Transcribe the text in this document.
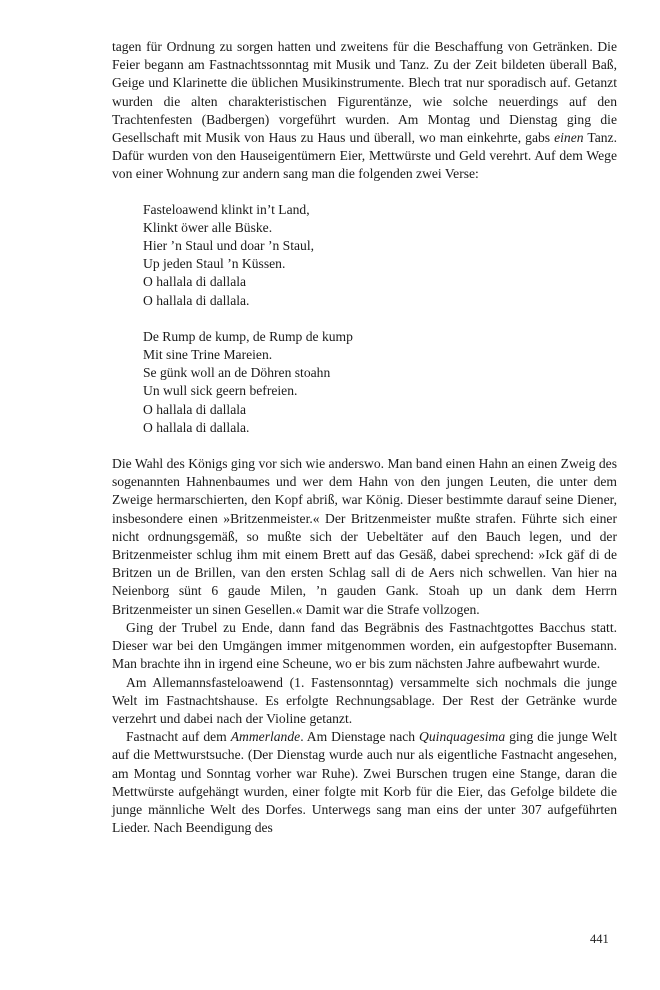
tagen für Ordnung zu sorgen hatten und zweitens für die Beschaffung von Getränken. Die Feier begann am Fastnachtssonntag mit Musik und Tanz. Zu der Zeit bildeten überall Baß, Geige und Klarinette die üblichen Musikinstrumente. Blech trat nur sporadisch auf. Getanzt wurden die alten charakteristischen Figurentänze, wie solche neuerdings auf den Trachtenfesten (Badbergen) vorgeführt wurden. Am Montag und Dienstag ging die Gesellschaft mit Musik von Haus zu Haus und überall, wo man einkehrte, gabs einen Tanz. Dafür wurden von den Hauseigentümern Eier, Mettwürste und Geld verehrt. Auf dem Wege von einer Wohnung zur andern sang man die folgenden zwei Verse:

Fasteloawend klinkt in’t Land,
Klinkt öwer alle Büske.
Hier ’n Staul und doar ’n Staul,
Up jeden Staul ’n Küssen.
O hallala di dallala
O hallala di dallala.
De Rump de kump, de Rump de kump
Mit sine Trine Mareien.
Se günk woll an de Döhren stoahn
Un wull sick geern befreien.
O hallala di dallala
O hallala di dallala.

Die Wahl des Königs ging vor sich wie anderswo. Man band einen Hahn an einen Zweig des sogenannten Hahnenbaumes und wer dem Hahn von den jungen Leuten, die unter dem Zweige hermarschierten, den Kopf abriß, war König. Dieser bestimmte darauf seine Diener, insbesondere einen »Britzenmeister.« Der Britzenmeister mußte strafen. Führte sich einer nicht ordnungsgemäß, so mußte sich der Uebeltäter auf den Bauch legen, und der Britzenmeister schlug ihm mit einem Brett auf das Gesäß, dabei sprechend: »Ick gäf di de Britzen un de Brillen, van den ersten Schlag sall di de Aers nich schwellen. Van hier na Neienborg sünt 6 gaude Milen, ’n gauden Gank. Stoah up un dank dem Herrn Britzenmeister un sinen Gesellen.« Damit war die Strafe vollzogen.

Ging der Trubel zu Ende, dann fand das Begräbnis des Fastnachtgottes Bacchus statt. Dieser war bei den Umgängen immer mitgenommen worden, ein aufgestopfter Busemann. Man brachte ihn in irgend eine Scheune, wo er bis zum nächsten Jahre aufbewahrt wurde.

Am Allemannsfasteloawend (1. Fastensonntag) versammelte sich nochmals die junge Welt im Fastnachtshause. Es erfolgte Rechnungsablage. Der Rest der Getränke wurde verzehrt und dabei nach der Violine getanzt.

Fastnacht auf dem Ammerlande. Am Dienstage nach Quinquagesima ging die junge Welt auf die Mettwurstsuche. (Der Dienstag wurde auch nur als eigentliche Fastnacht angesehen, am Montag und Sonntag vorher war Ruhe). Zwei Burschen trugen eine Stange, daran die Mettwürste aufgehängt wurden, einer folgte mit Korb für die Eier, das Gefolge bildete die junge männliche Welt des Dorfes. Unterwegs sang man eins der unter 307 aufgeführten Lieder. Nach Beendigung des

441
